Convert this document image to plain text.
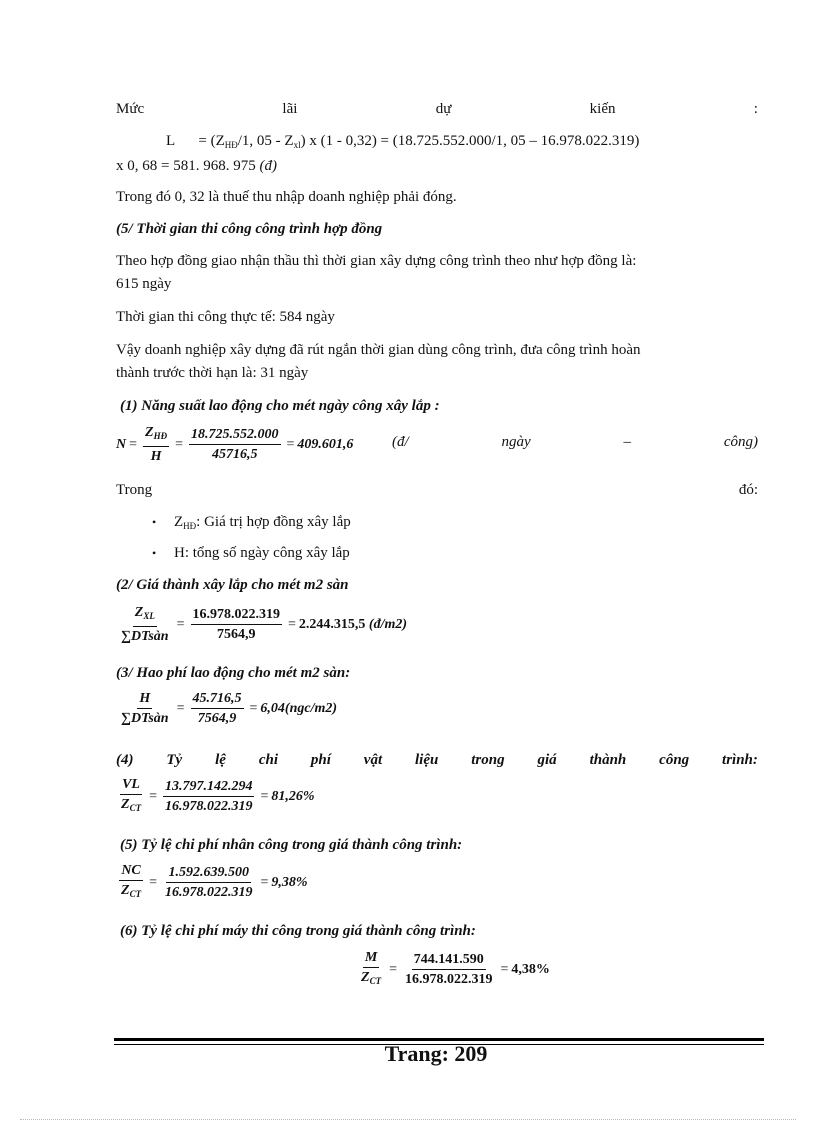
Mức	lãi	dự	kiến	:
$L = (Z_{HĐ}/1$, $05 - Z_{xl}$) x (1 - 0,32) = (18.725.552.000/1, 05 – 16.978.022.319)
x 0, 68 = 581. 968. 975 (đ)
Trong đó 0, 32 là thuế thu nhập doanh nghiệp phải đóng.
(5/ Thời gian thi công công trình hợp đồng
Theo hợp đồng giao nhận thầu thì thời gian xây dựng công trình theo như hợp đồng là:
615 ngày
Thời gian thi công thực tế: 584 ngày
Vậy doanh nghiệp xây dựng đã rút ngắn thời gian dùng công trình, đưa công trình hoàn
thành trước thời hạn là: 31 ngày
(1) Năng suất lao động cho mét ngày công xây lắp :
$N = \frac{Z_{HĐ}}{H} = \frac{18.725.552.000}{45716,5} = 409.601,6$	(đ/	ngày	–	công)
Trong	đó:
• $Z_{HĐ}$: Giá trị hợp đồng xây lắp
• H: tổng số ngày công xây lắp
(2/ Giá thành xây lắp cho mét m2 sàn
$\frac{Z_{XL}}{\text{∑DTsàn}} = \frac{16.978.022.319}{7564,9} = 2.244.315,5$
(đ/m2)
(3/ Hao phí lao động cho mét m2 sàn:
$\frac{H}{\text{∑DTsàn}} = \frac{45.716,5}{7564,9} = 6,04(ngc/m2)$
(4) Tỷ lệ chi phí vật liệu trong giá thành công trình:
$\frac{VL}{Z_{CT}} = \frac{13.797.142.294}{16.978.022.319} = 81,26\%$
(5) Tỷ lệ chi phí nhân công trong giá thành công trình:
$\frac{NC}{Z_{CT}} = \frac{1.592.639.500}{16.978.022.319} = 9,38\%$
(6) Tỷ lệ chi phí máy thi công trong giá thành công trình:
$\frac{M}{Z_{CT}} = \frac{744.141.590}{16.978.022.319} = 4,38\%$
Trang: 209
